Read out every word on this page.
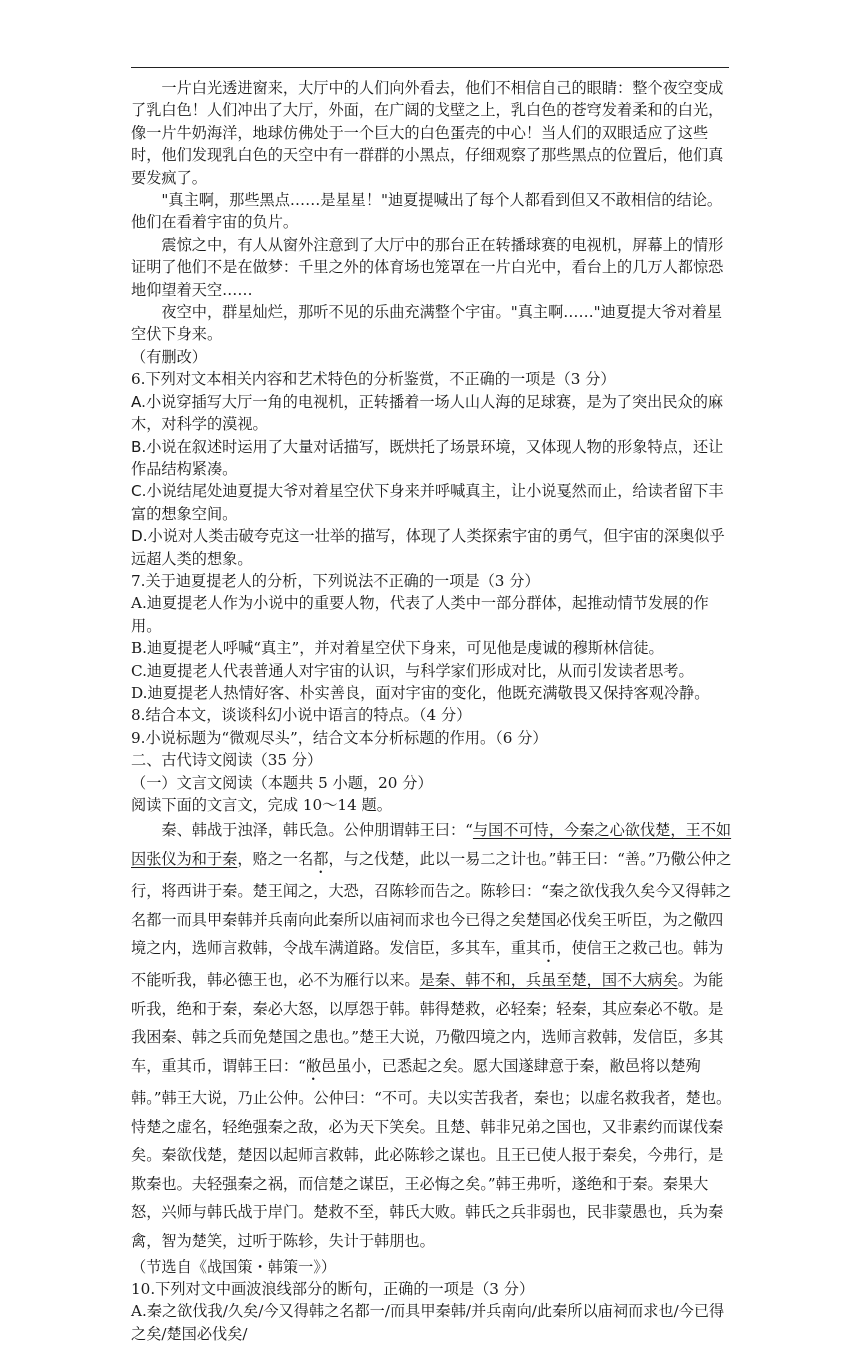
一片白光透进窗来，大厅中的人们向外看去，他们不相信自己的眼睛：整个夜空变成了乳白色！人们冲出了大厅，外面，在广阔的戈壁之上，乳白色的苍穹发着柔和的白光，像一片牛奶海洋，地球仿佛处于一个巨大的白色蛋壳的中心！当人们的双眼适应了这些时，他们发现乳白色的天空中有一群群的小黑点，仔细观察了那些黑点的位置后，他们真要发疯了。

"真主啊，那些黑点……是星星！"迪夏提喊出了每个人都看到但又不敢相信的结论。他们在看着宇宙的负片。

震惊之中，有人从窗外注意到了大厅中的那台正在转播球赛的电视机，屏幕上的情形证明了他们不是在做梦：千里之外的体育场也笼罩在一片白光中，看台上的几万人都惊恐地仰望着天空……

夜空中，群星灿烂，那听不见的乐曲充满整个宇宙。"真主啊……"迪夏提大爷对着星空伏下身来。

（有删改）

6.下列对文本相关内容和艺术特色的分析鉴赏，不正确的一项是（3 分）

A.小说穿插写大厅一角的电视机，正转播着一场人山人海的足球赛，是为了突出民众的麻木，对科学的漠视。

B.小说在叙述时运用了大量对话描写，既烘托了场景环境，又体现人物的形象特点，还让作品结构紧凑。

C.小说结尾处迪夏提大爷对着星空伏下身来并呼喊真主，让小说戛然而止，给读者留下丰富的想象空间。

D.小说对人类击破夸克这一壮举的描写，体现了人类探索宇宙的勇气，但宇宙的深奥似乎远超人类的想象。

7.关于迪夏提老人的分析，下列说法不正确的一项是（3 分）

A.迪夏提老人作为小说中的重要人物，代表了人类中一部分群体，起推动情节发展的作用。

B.迪夏提老人呼喊“真主”，并对着星空伏下身来，可见他是虔诚的穆斯林信徒。

C.迪夏提老人代表普通人对宇宙的认识，与科学家们形成对比，从而引发读者思考。

D.迪夏提老人热情好客、朴实善良，面对宇宙的变化，他既充满敬畏又保持客观冷静。

8.结合本文，谈谈科幻小说中语言的特点。（4 分）

9.小说标题为“微观尽头”，结合文本分析标题的作用。（6 分）

二、古代诗文阅读（35 分）

（一）文言文阅读（本题共 5 小题，20 分）

阅读下面的文言文，完成 10～14 题。

秦、韩战于浊泽，韩氏急。公仲朋谓韩王曰：“与国不可恃，今秦之心欲伐楚，王不如因张仪为和于秦，赂之一名都，与之伐楚，此以一易二之计也。”韩王曰：“善。”乃儆公仲之行，将西讲于秦。楚王闻之，大恐，召陈轸而告之。陈轸曰：“秦之欲伐我久矣今又得韩之名都一而具甲秦韩并兵南向此秦所以庙祠而求也今已得之矣楚国必伐矣王听臣，为之儆四境之内，选师言救韩，令战车满道路。发信臣，多其车，重其币，使信王之救己也。韩为不能听我，韩必德王也，必不为雁行以来。是秦、韩不和，兵虽至楚，国不大病矣。为能听我，绝和于秦，秦必大怒，以厚怨于韩。韩得楚救，必轻秦；轻秦，其应秦必不敬。是我困秦、韩之兵而免楚国之患也。”楚王大说，乃儆四境之内，选师言救韩，发信臣，多其车，重其币，谓韩王曰：“敝邑虽小，已悉起之矣。愿大国遂肆意于秦，敝邑将以楚殉韩。”韩王大说，乃止公仲。公仲曰：“不可。夫以实苦我者，秦也；以虚名救我者，楚也。恃楚之虚名，轻绝强秦之敌，必为天下笑矣。且楚、韩非兄弟之国也，又非素约而谋伐秦矣。秦欲伐楚，楚因以起师言救韩，此必陈轸之谋也。且王已使人报于秦矣，今弗行，是欺秦也。夫轻强秦之祸，而信楚之谋臣，王必悔之矣。”韩王弗听，遂绝和于秦。秦果大怒，兴师与韩氏战于岸门。楚救不至，韩氏大败。韩氏之兵非弱也，民非蒙愚也，兵为秦禽，智为楚笑，过听于陈轸，失计于韩朋也。

（节选自《战国策・韩策一》）

10.下列对文中画波浪线部分的断句，正确的一项是（3 分）

A.秦之欲伐我/久矣/今又得韩之名都一/而具甲秦韩/并兵南向/此秦所以庙祠而求也/今已得之矣/楚国必伐矣/
